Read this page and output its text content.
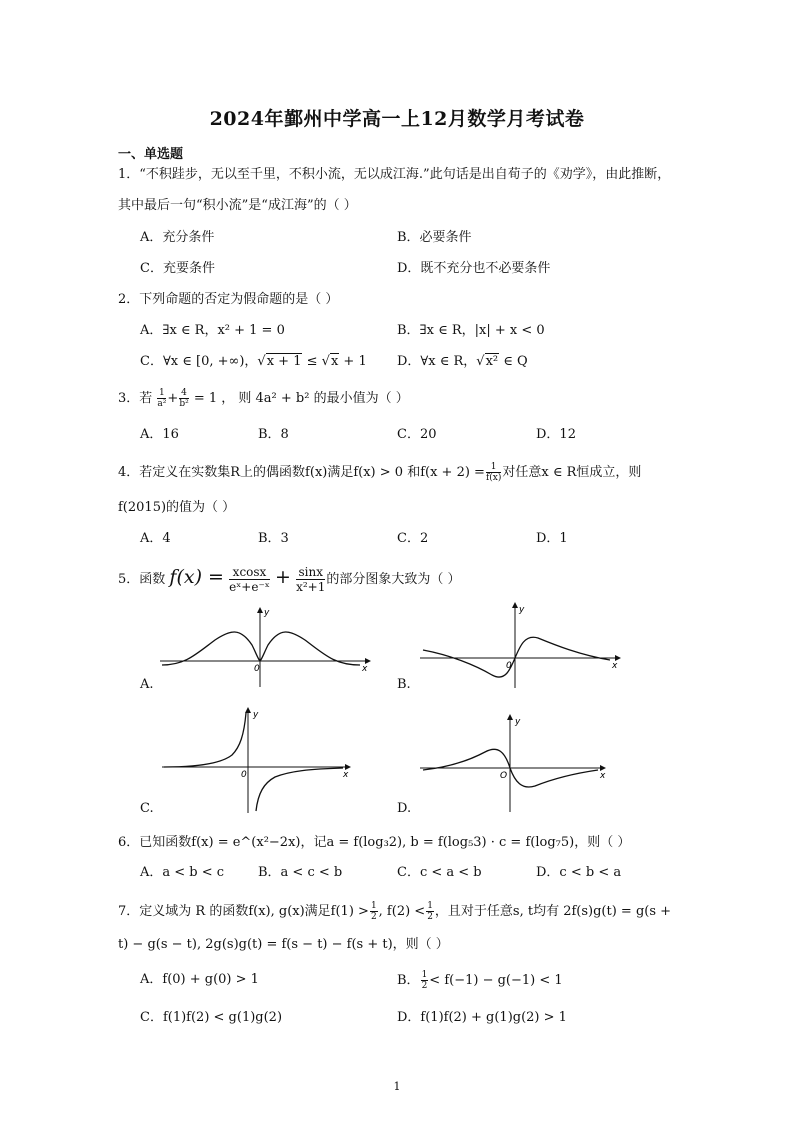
2024年鄞州中学高一上12月数学月考试卷
一、单选题
1．“不积跬步，无以至千里，不积小流，无以成江海.”此句话是出自荀子的《劝学》，由此推断，
其中最后一句“积小流”是“成江海”的（ ）
A．充分条件	B．必要条件
C．充要条件	D．既不充分也不必要条件
2．下列命题的否定为假命题的是（ ）
A．∃x ∈ R，x² + 1 = 0	B．∃x ∈ R，|x| + x < 0
C．∀x ∈ [0, +∞)，√x + 1 ≤ √x + 1 D．∀x ∈ R，√x² ∈ Q
3．若 $\frac{1}{\text{a²}} + \frac{4}{\text{b²}} = 1$ ， 则 4a² + b² 的最小值为（ ）
A．16	B．8	C．20	D．12
4．若定义在实数集R上的偶函数f(x)满足f(x) > 0 和$f(x + 2) = \frac{1}{f(x)}$ 对任意x ∈ R恒成立，则
f(2015)的值为（ ）
A．4	B．3	C．2	D．1
5．函数 $f(x) = \frac{xcosx}{\text{eˣ+e⁻ˣ}} + \frac{\sin x}{\text{x²+1}}$ 的部分图象大致为（ ）
0	x
y
A.
0	x
y
B.
0	x
y
C.
O	x
y
D.
6．已知函数f(x) = e^(x²−2x)，记a = f(log₃2), b = f(log₅3) · c = f(log₇5)，则（ ）
A．a < b < c	B．a < c < b	C．c < a < b	D．c < b < a
7．定义域为 R 的函数f(x), g(x)满足$f(1) > \frac{1}{2}$ , $f(2) < \frac{1}{2}$ ，且对于任意s, t均有 2f(s)g(t) = g(s +
t) − g(s − t), 2g(s)g(t) = f(s − t) − f(s + t)，则（ ）
A．f(0) + g(0) > 1	B． $\frac{1}{2} < f(-1) - g(-1) < 1$
C．f(1)f(2) < g(1)g(2)	D．f(1)f(2) + g(1)g(2) > 1
1
